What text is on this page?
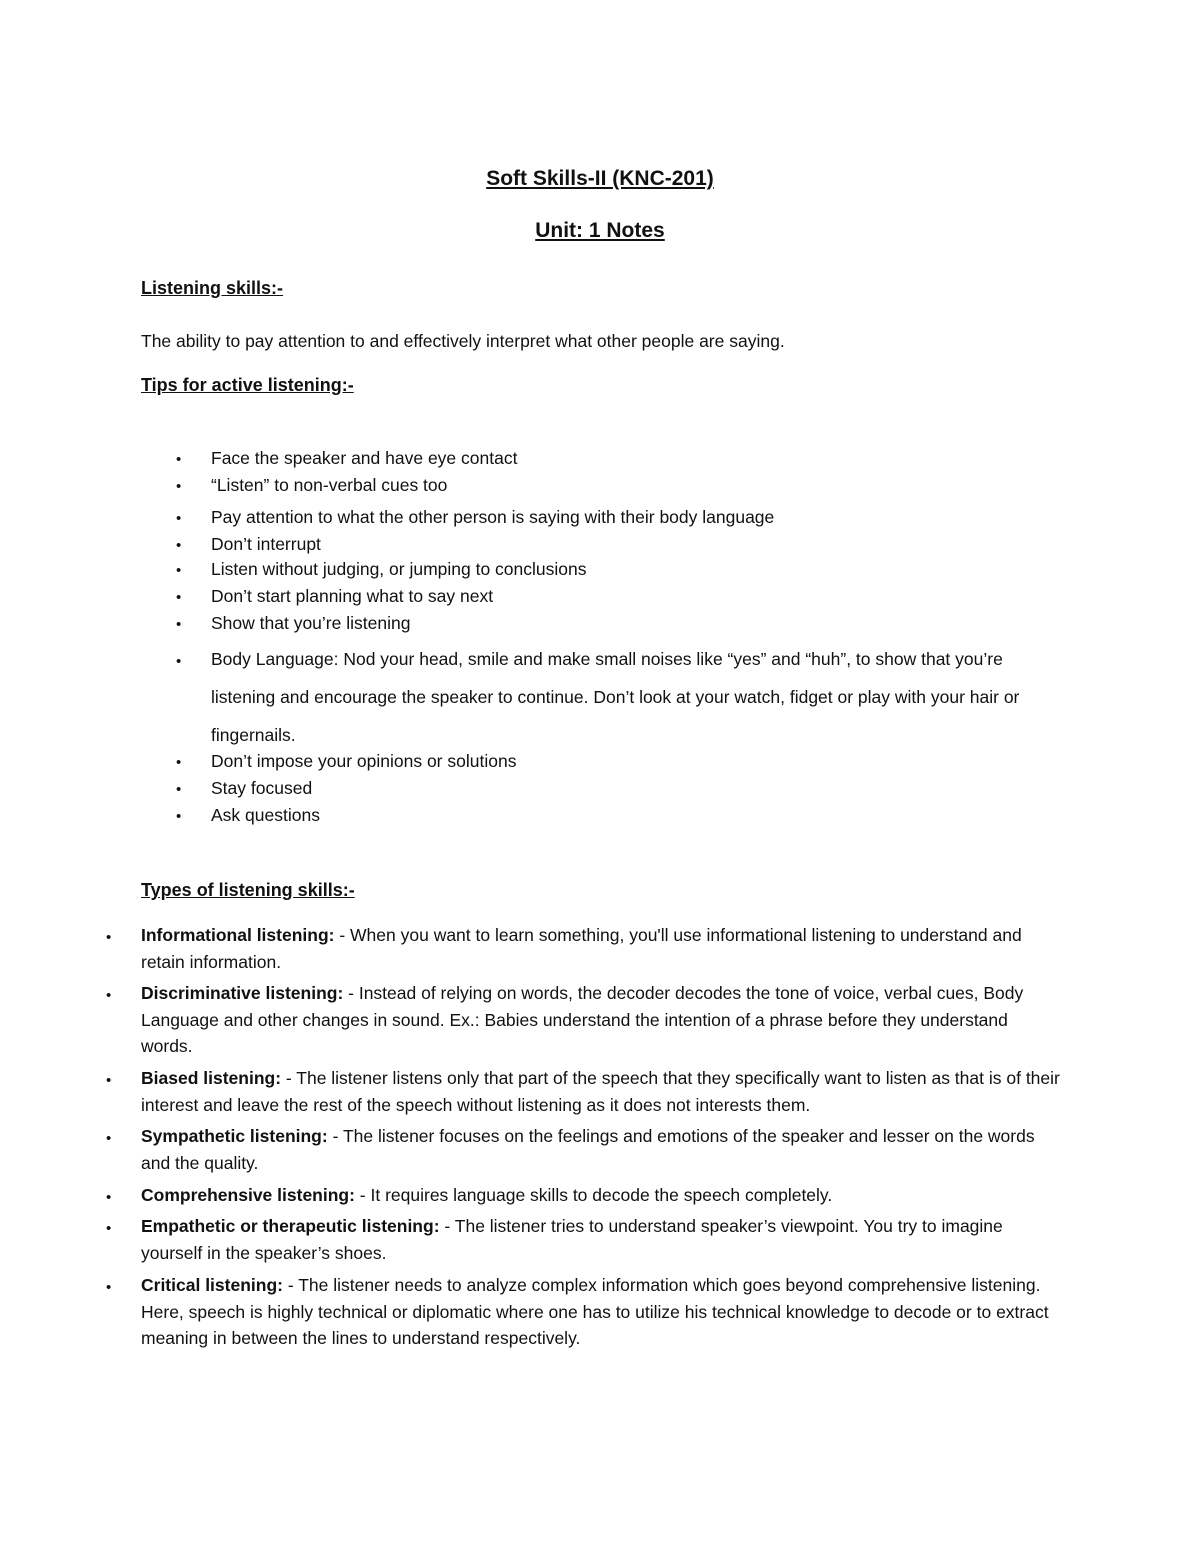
Soft Skills-II (KNC-201)
Unit: 1 Notes
Listening skills:-

The ability to pay attention to and effectively interpret what other people are saying.

Tips for active listening:-
• Face the speaker and have eye contact

• “Listen” to non-verbal cues too

• Pay attention to what the other person is saying with their body language

• Don’t interrupt

• Listen without judging, or jumping to conclusions

• Don’t start planning what to say next

• Show that you’re listening

• Body Language: Nod your head, smile and make small noises like “yes” and “huh”, to show that you’re listening and encourage the speaker to continue. Don’t look at your watch, fidget or play with your hair or fingernails.

• Don’t impose your opinions or solutions

• Stay focused

• Ask questions

Types of listening skills:-
• Informational listening: - When you want to learn something, you'll use informational listening to understand and retain information.

• Discriminative listening: - Instead of relying on words, the decoder decodes the tone of voice, verbal cues, Body Language and other changes in sound. Ex.: Babies understand the intention of a phrase before they understand words.

• Biased listening: - The listener listens only that part of the speech that they specifically want to listen as that is of their interest and leave the rest of the speech without listening as it does not interests them.

• Sympathetic listening: - The listener focuses on the feelings and emotions of the speaker and lesser on the words and the quality.

• Comprehensive listening: - It requires language skills to decode the speech completely.

• Empathetic or therapeutic listening: - The listener tries to understand speaker’s viewpoint. You try to imagine yourself in the speaker’s shoes.

• Critical listening: - The listener needs to analyze complex information which goes beyond comprehensive listening. Here, speech is highly technical or diplomatic where one has to utilize his technical knowledge to decode or to extract meaning in between the lines to understand respectively.
